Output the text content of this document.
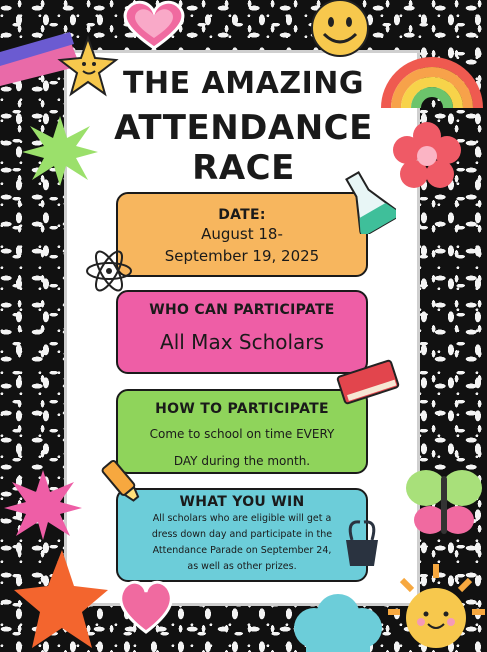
THE AMAZING
ATTENDANCE RACE
DATE:
August 18-
September 19, 2025
WHO CAN PARTICIPATE
All Max Scholars
HOW TO PARTICIPATE
Come to school on time EVERY
DAY during the month.
WHAT YOU WIN
All scholars who are eligible will get a
dress down day and participate in the
Attendance Parade on September 24,
as well as other prizes.
